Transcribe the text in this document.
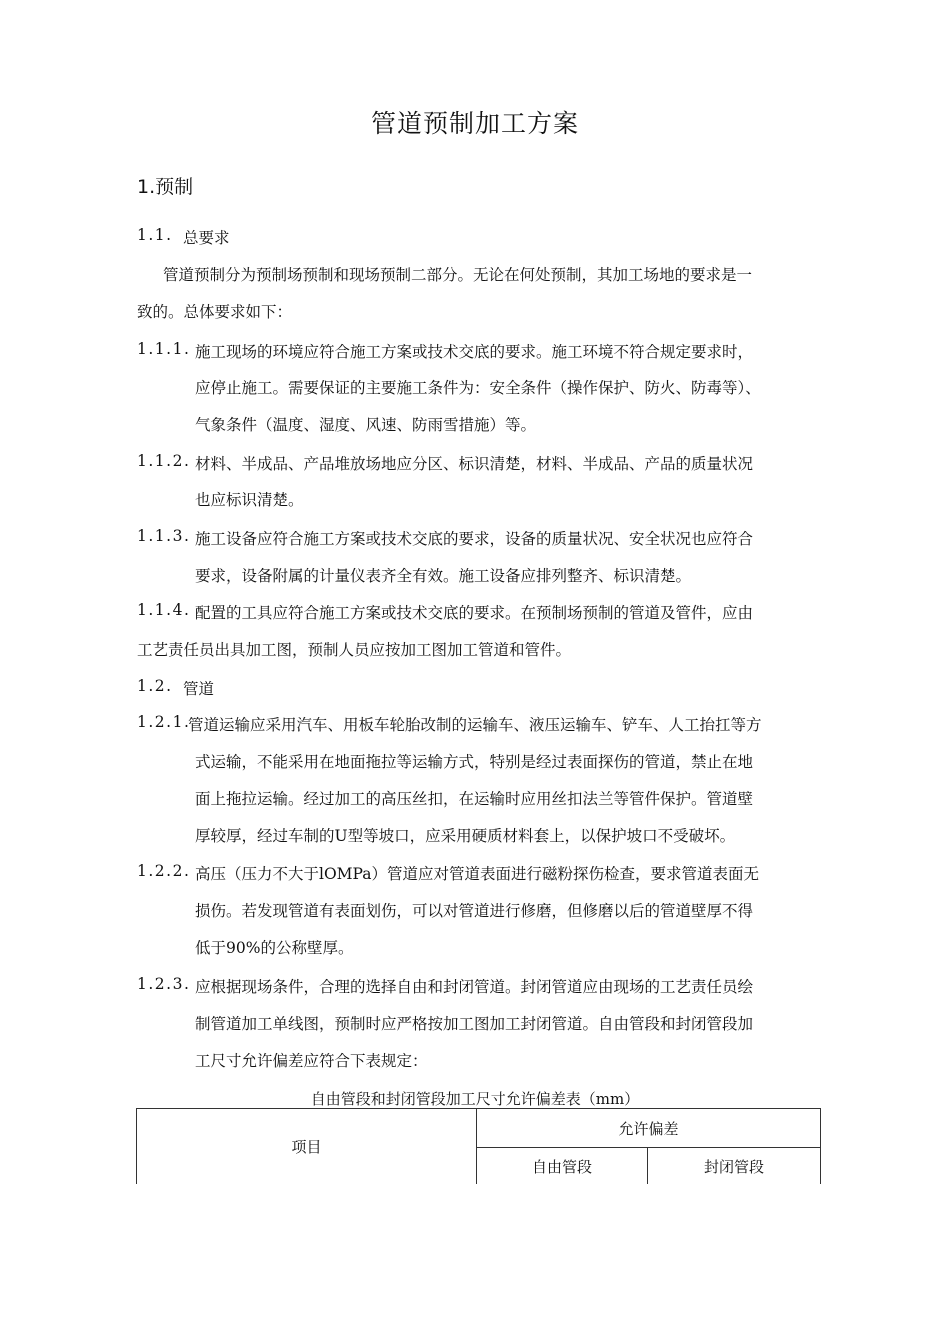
管道预制加工方案
1.预制
1.1. 总要求
管道预制分为预制场预制和现场预制二部分。无论在何处预制，其加工场地的要求是一
致的。总体要求如下：
1.1.1. 施工现场的环境应符合施工方案或技术交底的要求。施工环境不符合规定要求时，
应停止施工。需要保证的主要施工条件为：安全条件（操作保护、防火、防毒等）、
气象条件（温度、湿度、风速、防雨雪措施）等。
1.1.2. 材料、半成品、产品堆放场地应分区、标识清楚，材料、半成品、产品的质量状况
也应标识清楚。
1.1.3. 施工设备应符合施工方案或技术交底的要求，设备的质量状况、安全状况也应符合
要求，设备附属的计量仪表齐全有效。施工设备应排列整齐、标识清楚。
1.1.4. 配置的工具应符合施工方案或技术交底的要求。在预制场预制的管道及管件，应由
工艺责任员出具加工图，预制人员应按加工图加工管道和管件。
1.2. 管道
1.2.1.
管道运输应采用汽车、用板车轮胎改制的运输车、液压运输车、铲车、人工抬扛等方
式运输，不能采用在地面拖拉等运输方式，特别是经过表面探伤的管道，禁止在地
面上拖拉运输。经过加工的高压丝扣，在运输时应用丝扣法兰等管件保护。管道壁
厚较厚，经过车制的U型等坡口，应采用硬质材料套上，以保护坡口不受破坏。
1.2.2. 高压（压力不大于lOMPa）管道应对管道表面进行磁粉探伤检查，要求管道表面无
损伤。若发现管道有表面划伤，可以对管道进行修磨，但修磨以后的管道壁厚不得
低于90%的公称壁厚。
1.2.3. 应根据现场条件，合理的选择自由和封闭管道。封闭管道应由现场的工艺责任员绘
制管道加工单线图，预制时应严格按加工图加工封闭管道。自由管段和封闭管段加
工尺寸允许偏差应符合下表规定：
自由管段和封闭管段加工尺寸允许偏差表（mm）
项目	允许偏差	
	自由管段	封闭管段
